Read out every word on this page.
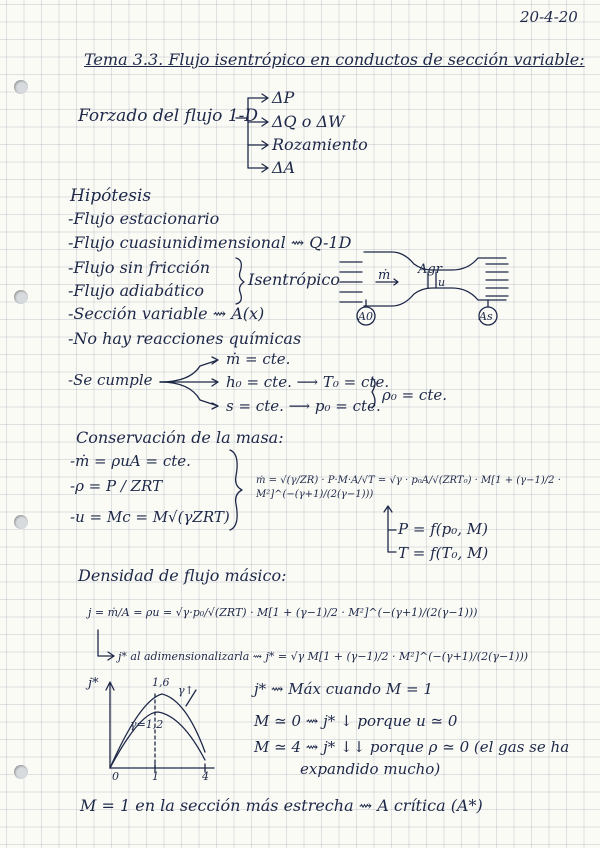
20-4-20
Tema 3.3. Flujo isentrópico en conductos de sección variable:
Forzado del flujo 1-D
ΔP
ΔQ o ΔW
Rozamiento
ΔA
Hipótesis
-Flujo estacionario
-Flujo cuasiunidimensional ⇝ Q-1D
-Flujo sin fricción
-Flujo adiabático
-Sección variable ⇝ A(x)
-No hay reacciones químicas
Isentrópico	ṁ Agr
u
A0	As
-Se cumple
ṁ = cte.
h₀ = cte. ⟶ T₀ = cte.
s = cte. ⟶ p₀ = cte.
ρ₀ = cte.
Conservación de la masa:
-ṁ = ρuA = cte.
-ρ = P / ZRT
-u = Mc = M√(γZRT)
ṁ = √(γ/ZR) · P·M·A/√T = √γ · p₀A/√(ZRT₀) · M[1 + (γ−1)/2 · M²]^(−(γ+1)/(2(γ−1)))
P = f(p₀, M)
T = f(T₀, M)
Densidad de flujo másico:
j = ṁ/A = ρu = √γ·p₀/√(ZRT) · M[1 + (γ−1)/2 · M²]^(−(γ+1)/(2(γ−1)))
j* al adimensionalizarla ⇝ j* = √γ M[1 + (γ−1)/2 · M²]^(−(γ+1)/(2(γ−1)))
j*	γ↑
1,6
γ=1,2
0	1	4
j* ⇝ Máx cuando M = 1
M ≃ 0 ⇝ j* ↓ porque u ≃ 0
M ≃ 4 ⇝ j* ↓↓ porque ρ ≃ 0 (el gas se ha
expandido mucho)
M = 1 en la sección más estrecha ⇝ A crítica (A*)
